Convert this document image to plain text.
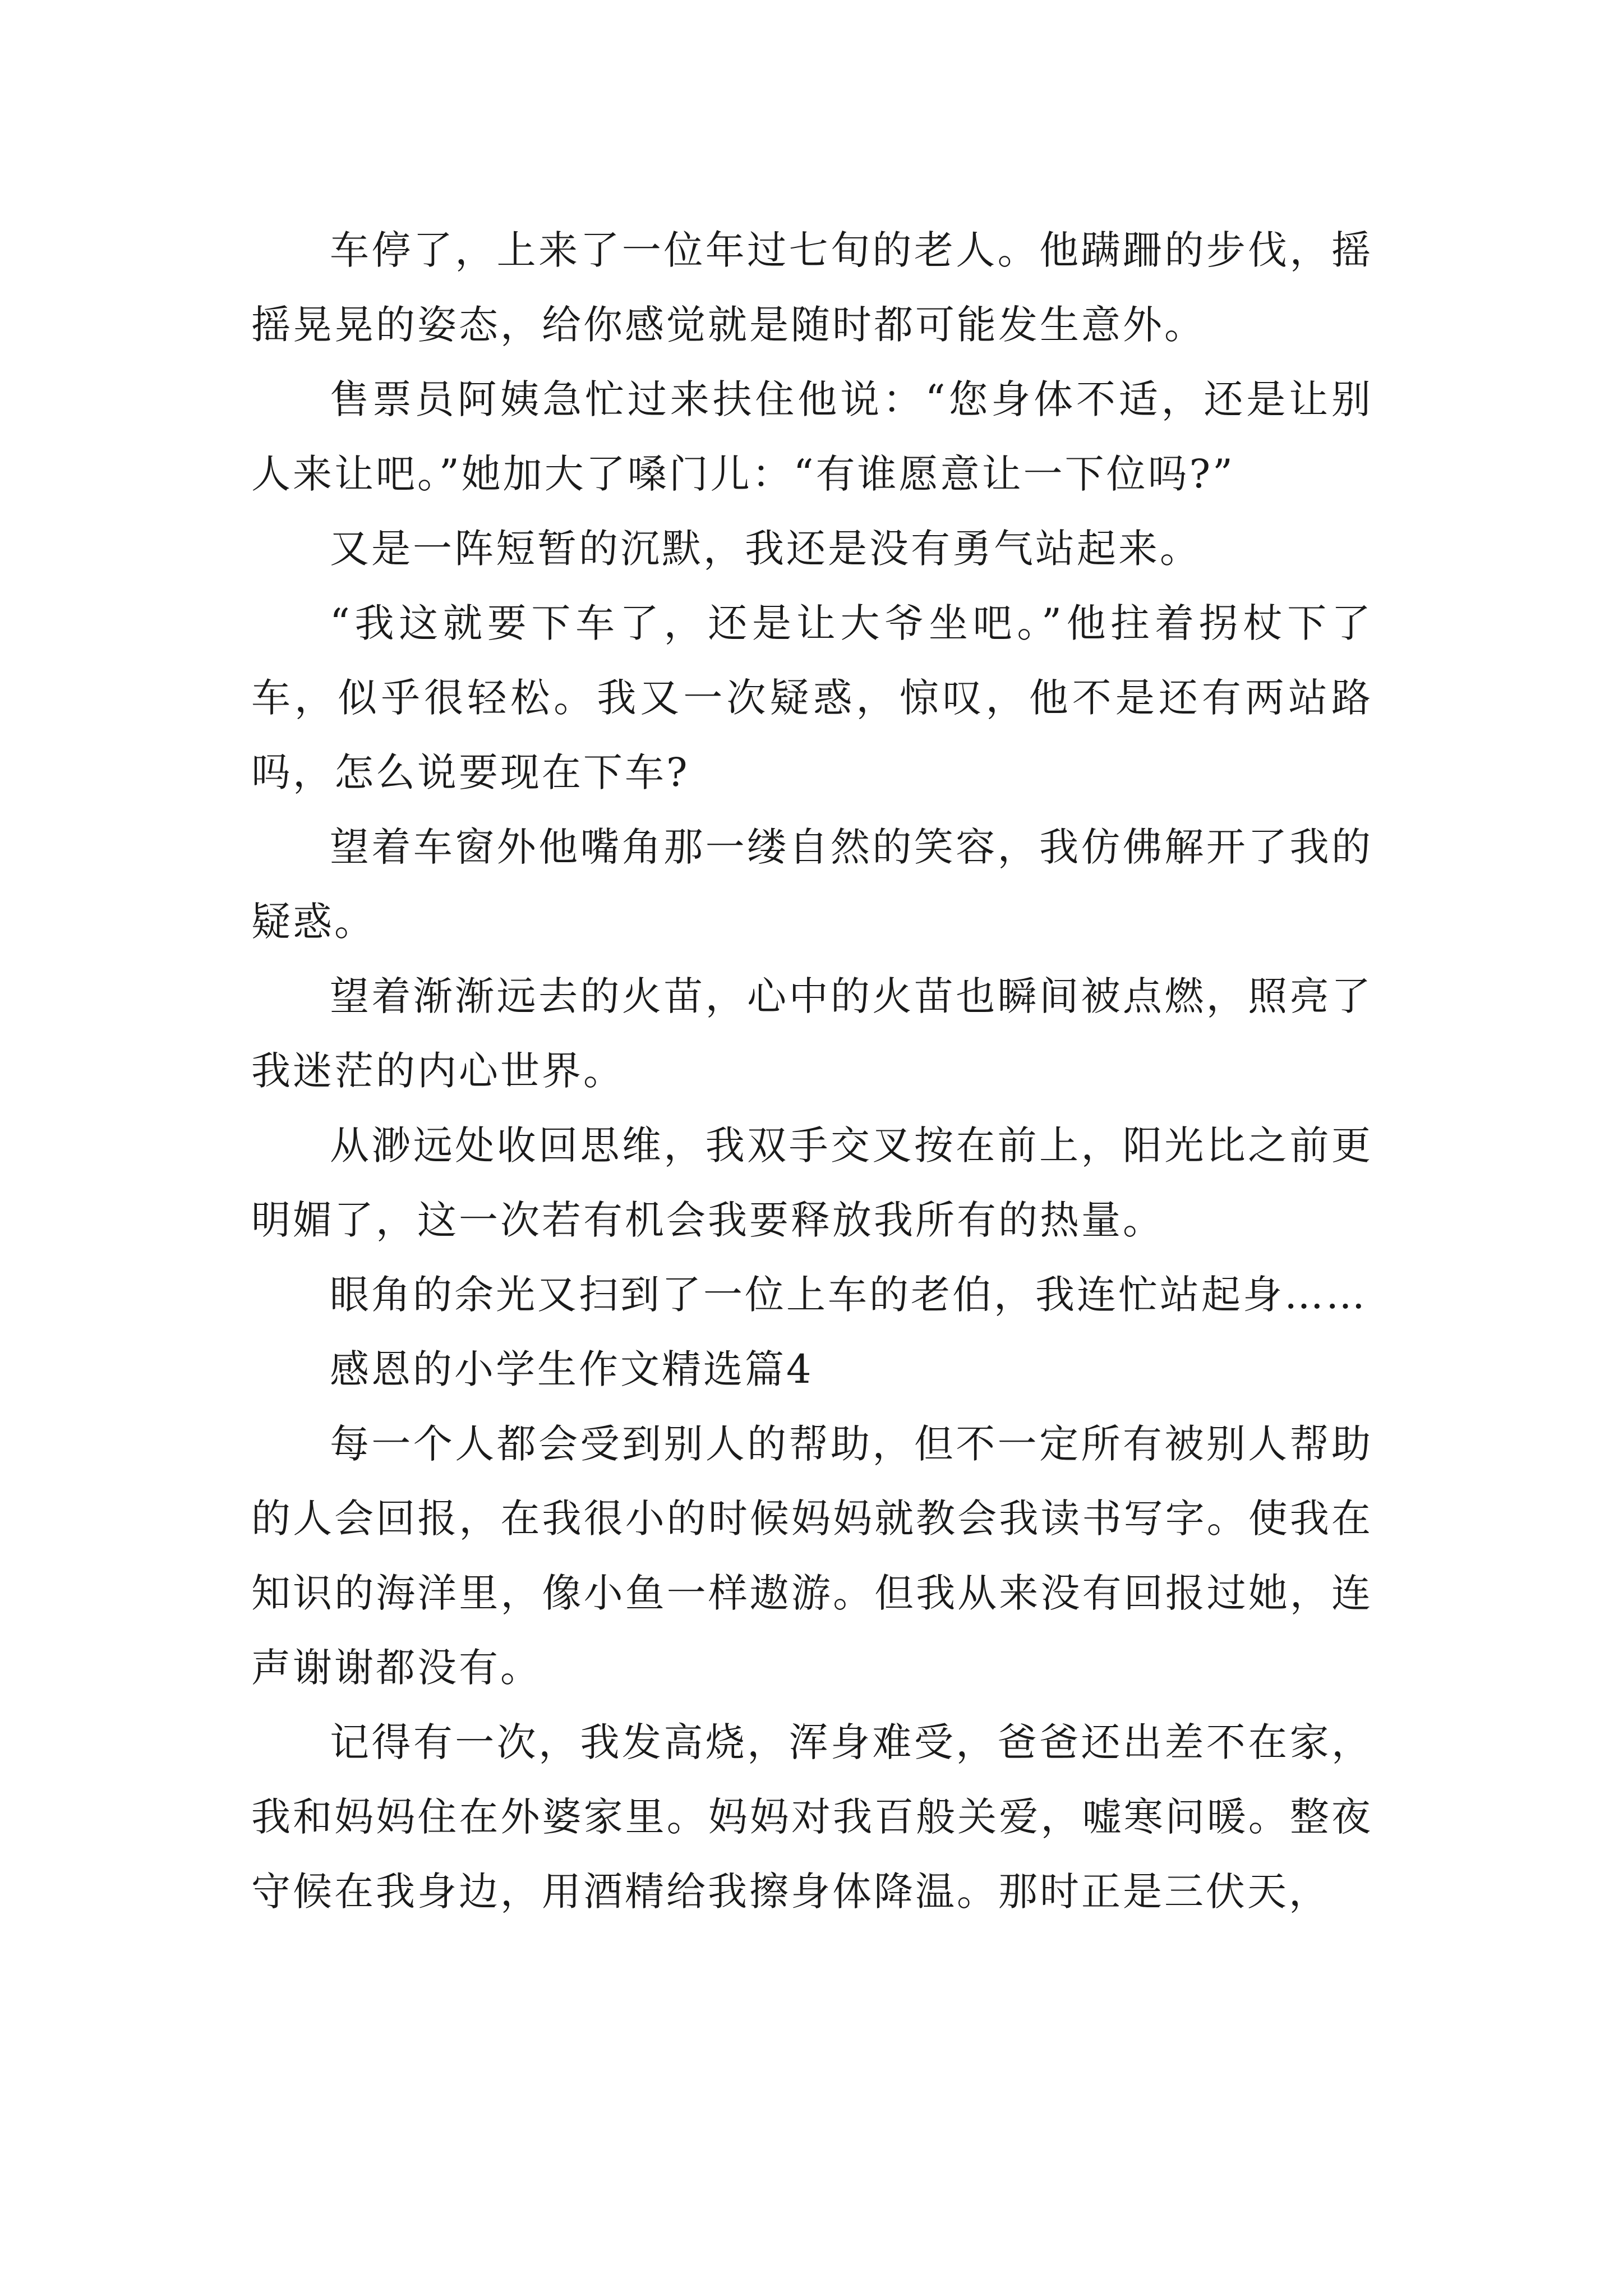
车停了，上来了一位年过七旬的老人。他蹒跚的步伐，摇摇晃晃的姿态，给你感觉就是随时都可能发生意外。

售票员阿姨急忙过来扶住他说：“您身体不适，还是让别人来让吧。”她加大了嗓门儿：“有谁愿意让一下位吗?”

又是一阵短暂的沉默，我还是没有勇气站起来。

“我这就要下车了，还是让大爷坐吧。”他拄着拐杖下了车，似乎很轻松。我又一次疑惑，惊叹，他不是还有两站路吗，怎么说要现在下车?

望着车窗外他嘴角那一缕自然的笑容，我仿佛解开了我的疑惑。

望着渐渐远去的火苗，心中的火苗也瞬间被点燃，照亮了我迷茫的内心世界。

从渺远处收回思维，我双手交叉按在前上，阳光比之前更明媚了，这一次若有机会我要释放我所有的热量。

眼角的余光又扫到了一位上车的老伯，我连忙站起身……

感恩的小学生作文精选篇4

每一个人都会受到别人的帮助，但不一定所有被别人帮助的人会回报，在我很小的时候妈妈就教会我读书写字。使我在知识的海洋里，像小鱼一样遨游。但我从来没有回报过她，连声谢谢都没有。

记得有一次，我发高烧，浑身难受，爸爸还出差不在家，我和妈妈住在外婆家里。妈妈对我百般关爱，嘘寒问暖。整夜守候在我身边，用酒精给我擦身体降温。那时正是三伏天，
